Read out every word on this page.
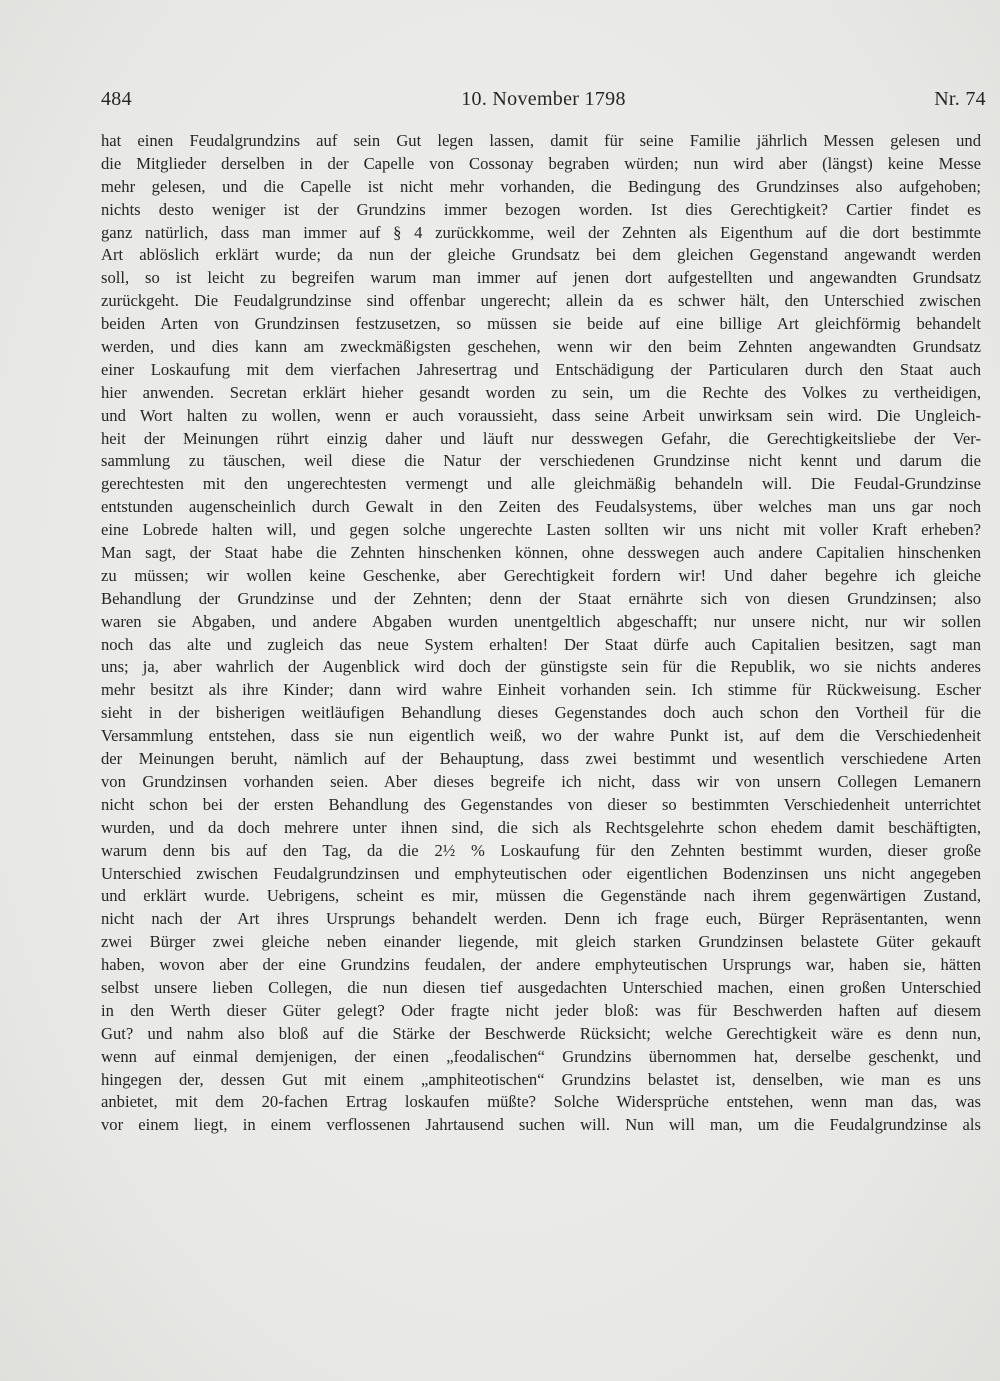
484	10. November 1798	Nr. 74
hat einen Feudalgrundzins auf sein Gut legen lassen, damit für seine Familie jährlich Messen gelesen und
die Mitglieder derselben in der Capelle von Cossonay begraben würden; nun wird aber (längst) keine Messe
mehr gelesen, und die Capelle ist nicht mehr vorhanden, die Bedingung des Grundzinses also aufgehoben;
nichts desto weniger ist der Grundzins immer bezogen worden. Ist dies Gerechtigkeit? Cartier findet es
ganz natürlich, dass man immer auf § 4 zurückkomme, weil der Zehnten als Eigenthum auf die dort bestimmte
Art ablöslich erklärt wurde; da nun der gleiche Grundsatz bei dem gleichen Gegenstand angewandt werden
soll, so ist leicht zu begreifen warum man immer auf jenen dort aufgestellten und angewandten Grundsatz
zurückgeht. Die Feudalgrundzinse sind offenbar ungerecht; allein da es schwer hält, den Unterschied zwischen
beiden Arten von Grundzinsen festzusetzen, so müssen sie beide auf eine billige Art gleichförmig behandelt
werden, und dies kann am zweckmäßigsten geschehen, wenn wir den beim Zehnten angewandten Grundsatz
einer Loskaufung mit dem vierfachen Jahresertrag und Entschädigung der Particularen durch den Staat auch
hier anwenden. Secretan erklärt hieher gesandt worden zu sein, um die Rechte des Volkes zu vertheidigen,
und Wort halten zu wollen, wenn er auch voraussieht, dass seine Arbeit unwirksam sein wird. Die Ungleich-
heit der Meinungen rührt einzig daher und läuft nur desswegen Gefahr, die Gerechtigkeitsliebe der Ver-
sammlung zu täuschen, weil diese die Natur der verschiedenen Grundzinse nicht kennt und darum die
gerechtesten mit den ungerechtesten vermengt und alle gleichmäßig behandeln will. Die Feudal-Grundzinse
entstunden augenscheinlich durch Gewalt in den Zeiten des Feudalsystems, über welches man uns gar noch
eine Lobrede halten will, und gegen solche ungerechte Lasten sollten wir uns nicht mit voller Kraft erheben?
Man sagt, der Staat habe die Zehnten hinschenken können, ohne desswegen auch andere Capitalien hinschenken
zu müssen; wir wollen keine Geschenke, aber Gerechtigkeit fordern wir! Und daher begehre ich gleiche
Behandlung der Grundzinse und der Zehnten; denn der Staat ernährte sich von diesen Grundzinsen; also
waren sie Abgaben, und andere Abgaben wurden unentgeltlich abgeschafft; nur unsere nicht, nur wir sollen
noch das alte und zugleich das neue System erhalten! Der Staat dürfe auch Capitalien besitzen, sagt man
uns; ja, aber wahrlich der Augenblick wird doch der günstigste sein für die Republik, wo sie nichts anderes
mehr besitzt als ihre Kinder; dann wird wahre Einheit vorhanden sein. Ich stimme für Rückweisung. Escher
sieht in der bisherigen weitläufigen Behandlung dieses Gegenstandes doch auch schon den Vortheil für die
Versammlung entstehen, dass sie nun eigentlich weiß, wo der wahre Punkt ist, auf dem die Verschiedenheit
der Meinungen beruht, nämlich auf der Behauptung, dass zwei bestimmt und wesentlich verschiedene Arten
von Grundzinsen vorhanden seien. Aber dieses begreife ich nicht, dass wir von unsern Collegen Lemanern
nicht schon bei der ersten Behandlung des Gegenstandes von dieser so bestimmten Verschiedenheit unterrichtet
wurden, und da doch mehrere unter ihnen sind, die sich als Rechtsgelehrte schon ehedem damit beschäftigten,
warum denn bis auf den Tag, da die 2½ % Loskaufung für den Zehnten bestimmt wurden, dieser große
Unterschied zwischen Feudalgrundzinsen und emphyteutischen oder eigentlichen Bodenzinsen uns nicht angegeben
und erklärt wurde. Uebrigens, scheint es mir, müssen die Gegenstände nach ihrem gegenwärtigen Zustand,
nicht nach der Art ihres Ursprungs behandelt werden. Denn ich frage euch, Bürger Repräsentanten, wenn
zwei Bürger zwei gleiche neben einander liegende, mit gleich starken Grundzinsen belastete Güter gekauft
haben, wovon aber der eine Grundzins feudalen, der andere emphyteutischen Ursprungs war, haben sie, hätten
selbst unsere lieben Collegen, die nun diesen tief ausgedachten Unterschied machen, einen großen Unterschied
in den Werth dieser Güter gelegt? Oder fragte nicht jeder bloß: was für Beschwerden haften auf diesem
Gut? und nahm also bloß auf die Stärke der Beschwerde Rücksicht; welche Gerechtigkeit wäre es denn nun,
wenn auf einmal demjenigen, der einen „feodalischen“ Grundzins übernommen hat, derselbe geschenkt, und
hingegen der, dessen Gut mit einem „amphiteotischen“ Grundzins belastet ist, denselben, wie man es uns
anbietet, mit dem 20-fachen Ertrag loskaufen müßte? Solche Widersprüche entstehen, wenn man das, was
vor einem liegt, in einem verflossenen Jahrtausend suchen will. Nun will man, um die Feudalgrundzinse als
